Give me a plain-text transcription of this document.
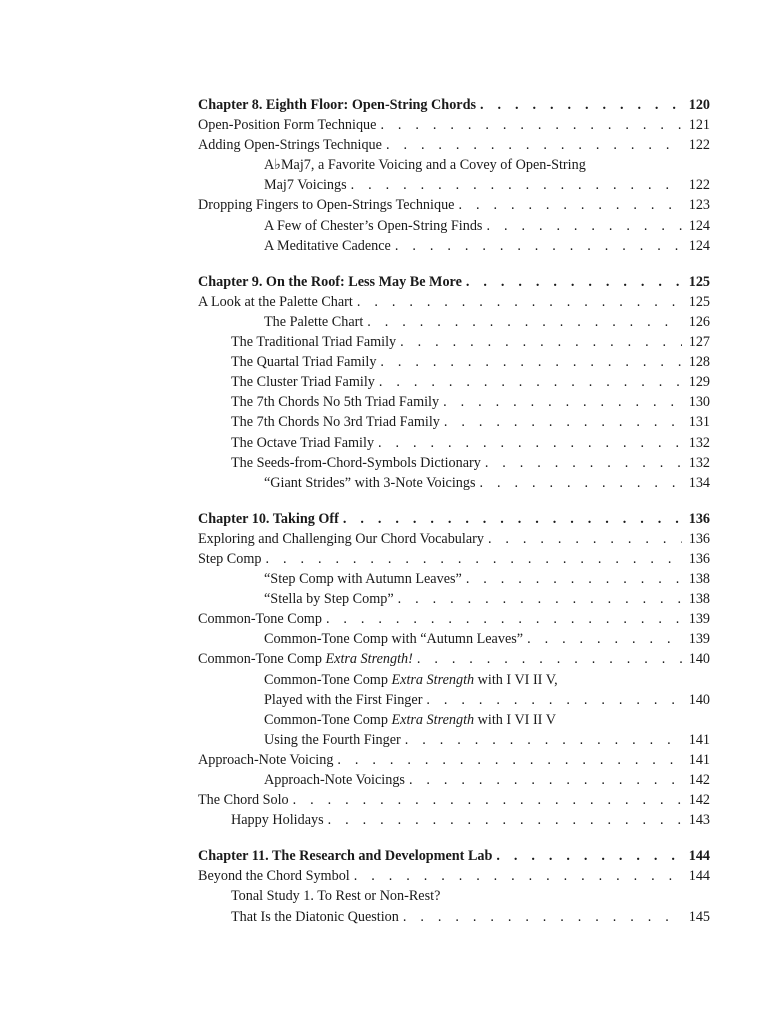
Chapter 8. Eighth Floor: Open-String Chords . . .	120
Open-Position Form Technique . . .	121
Adding Open-Strings Technique . . .	122
A♭Maj7, a Favorite Voicing and a Covey of Open-String
Maj7 Voicings . . .	122
Dropping Fingers to Open-Strings Technique . . .	123
A Few of Chester’s Open-String Finds . . .	124
A Meditative Cadence . . .	124
Chapter 9. On the Roof: Less May Be More . . .	125
A Look at the Palette Chart . . .	125
The Palette Chart . . .	126
The Traditional Triad Family . . .	127
The Quartal Triad Family . . .	128
The Cluster Triad Family . . .	129
The 7th Chords No 5th Triad Family . . .	130
The 7th Chords No 3rd Triad Family . . .	131
The Octave Triad Family . . .	132
The Seeds-from-Chord-Symbols Dictionary . . .	132
“Giant Strides” with 3-Note Voicings . . .	134
Chapter 10. Taking Off . . .	136
Exploring and Challenging Our Chord Vocabulary . . .	136
Step Comp . . .	136
“Step Comp with Autumn Leaves” . . .	138
“Stella by Step Comp” . . .	138
Common-Tone Comp . . .	139
Common-Tone Comp with “Autumn Leaves” . . .	139
Common-Tone Comp Extra Strength! . . .	140
Common-Tone Comp Extra Strength with I VI II V,
Played with the First Finger . . .	140
Common-Tone Comp Extra Strength with I VI II V
Using the Fourth Finger . . .	141
Approach-Note Voicing . . .	141
Approach-Note Voicings . . .	142
The Chord Solo . . .	142
Happy Holidays . . .	143
Chapter 11. The Research and Development Lab . . .	144
Beyond the Chord Symbol . . .	144
Tonal Study 1. To Rest or Non-Rest?
That Is the Diatonic Question . . .	145
